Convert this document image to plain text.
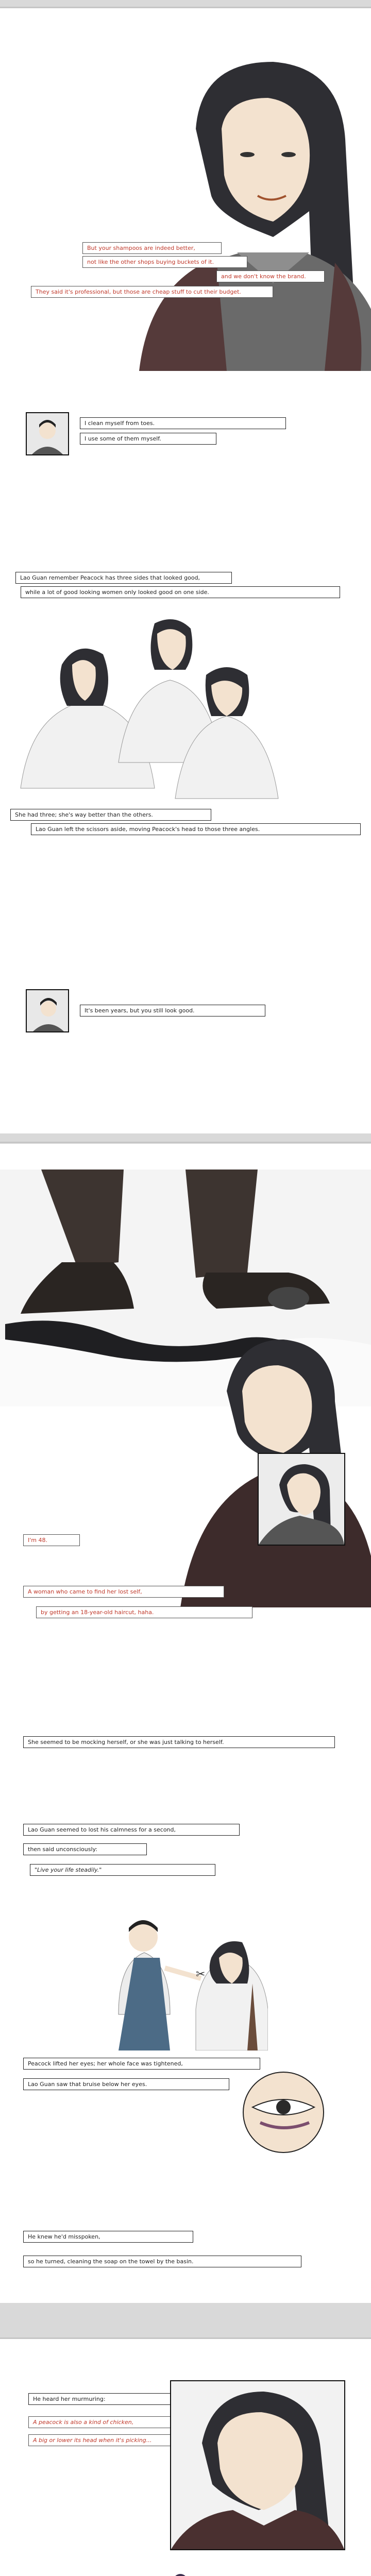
But your shampoos are indeed better,
not like the other shops buying buckets of it.
and we don't know the brand.
They said it's professional, but those are cheap stuff to cut their budget.
I clean myself from toes.
I use some of them myself.
Lao Guan remember Peacock has three sides that looked good,
while a lot of good looking women only looked good on one side.
She had three; she's way better than the others.
Lao Guan left the scissors aside, moving Peacock's head to those three angles.
It's been years, but you still look good.
I'm 48.
A woman who came to find her lost self,
by getting an 18-year-old haircut, haha.
She seemed to be mocking herself, or she was just talking to herself.
Lao Guan seemed to lost his calmness for a second,
then said unconsciously:
"Live your life steadily."
✂
Peacock lifted her eyes; her whole face was tightened,
Lao Guan saw that bruise below her eyes.
He knew he'd misspoken,
so he turned, cleaning the soap on the towel by the basin.
He heard her murmuring:
A peacock is also a kind of chicken,
A big or lower its head when it's picking...
